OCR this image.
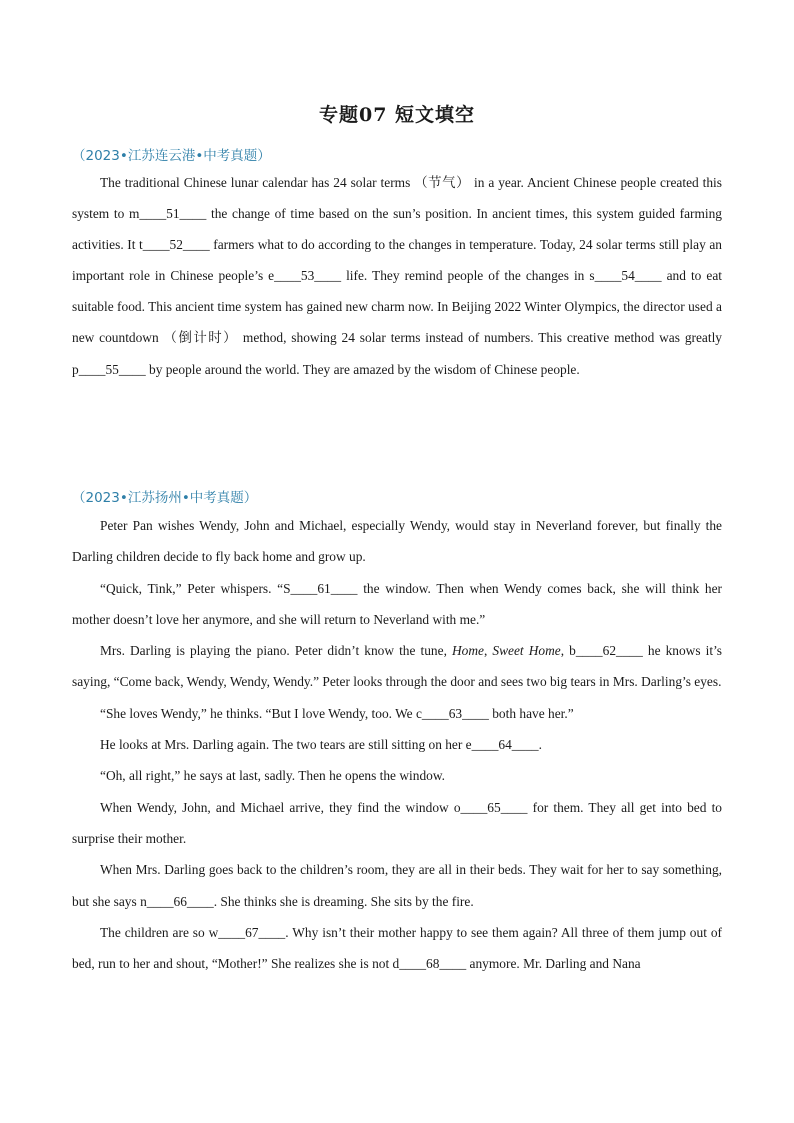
专题07 短文填空
（2023•江苏连云港•中考真题）

The traditional Chinese lunar calendar has 24 solar terms （节气） in a year. Ancient Chinese people created this system to m____51____ the change of time based on the sun’s position. In ancient times, this system guided farming activities. It t____52____ farmers what to do according to the changes in temperature. Today, 24 solar terms still play an important role in Chinese people’s e____53____ life. They remind people of the changes in s____54____ and to eat suitable food. This ancient time system has gained new charm now. In Beijing 2022 Winter Olympics, the director used a new countdown （倒计时） method, showing 24 solar terms instead of numbers. This creative method was greatly p____55____ by people around the world. They are amazed by the wisdom of Chinese people.

（2023•江苏扬州•中考真题）

Peter Pan wishes Wendy, John and Michael, especially Wendy, would stay in Neverland forever, but finally the Darling children decide to fly back home and grow up.

“Quick, Tink,” Peter whispers. “S____61____ the window. Then when Wendy comes back, she will think her mother doesn’t love her anymore, and she will return to Neverland with me.”

Mrs. Darling is playing the piano. Peter didn’t know the tune, Home, Sweet Home, b____62____ he knows it’s saying, “Come back, Wendy, Wendy, Wendy.” Peter looks through the door and sees two big tears in Mrs. Darling’s eyes.

“She loves Wendy,” he thinks. “But I love Wendy, too. We c____63____ both have her.”

He looks at Mrs. Darling again. The two tears are still sitting on her e____64____.

“Oh, all right,” he says at last, sadly. Then he opens the window.

When Wendy, John, and Michael arrive, they find the window o____65____ for them. They all get into bed to surprise their mother.

When Mrs. Darling goes back to the children’s room, they are all in their beds. They wait for her to say something, but she says n____66____. She thinks she is dreaming. She sits by the fire.

The children are so w____67____. Why isn’t their mother happy to see them again? All three of them jump out of bed, run to her and shout, “Mother!” She realizes she is not d____68____ anymore. Mr. Darling and Nana
